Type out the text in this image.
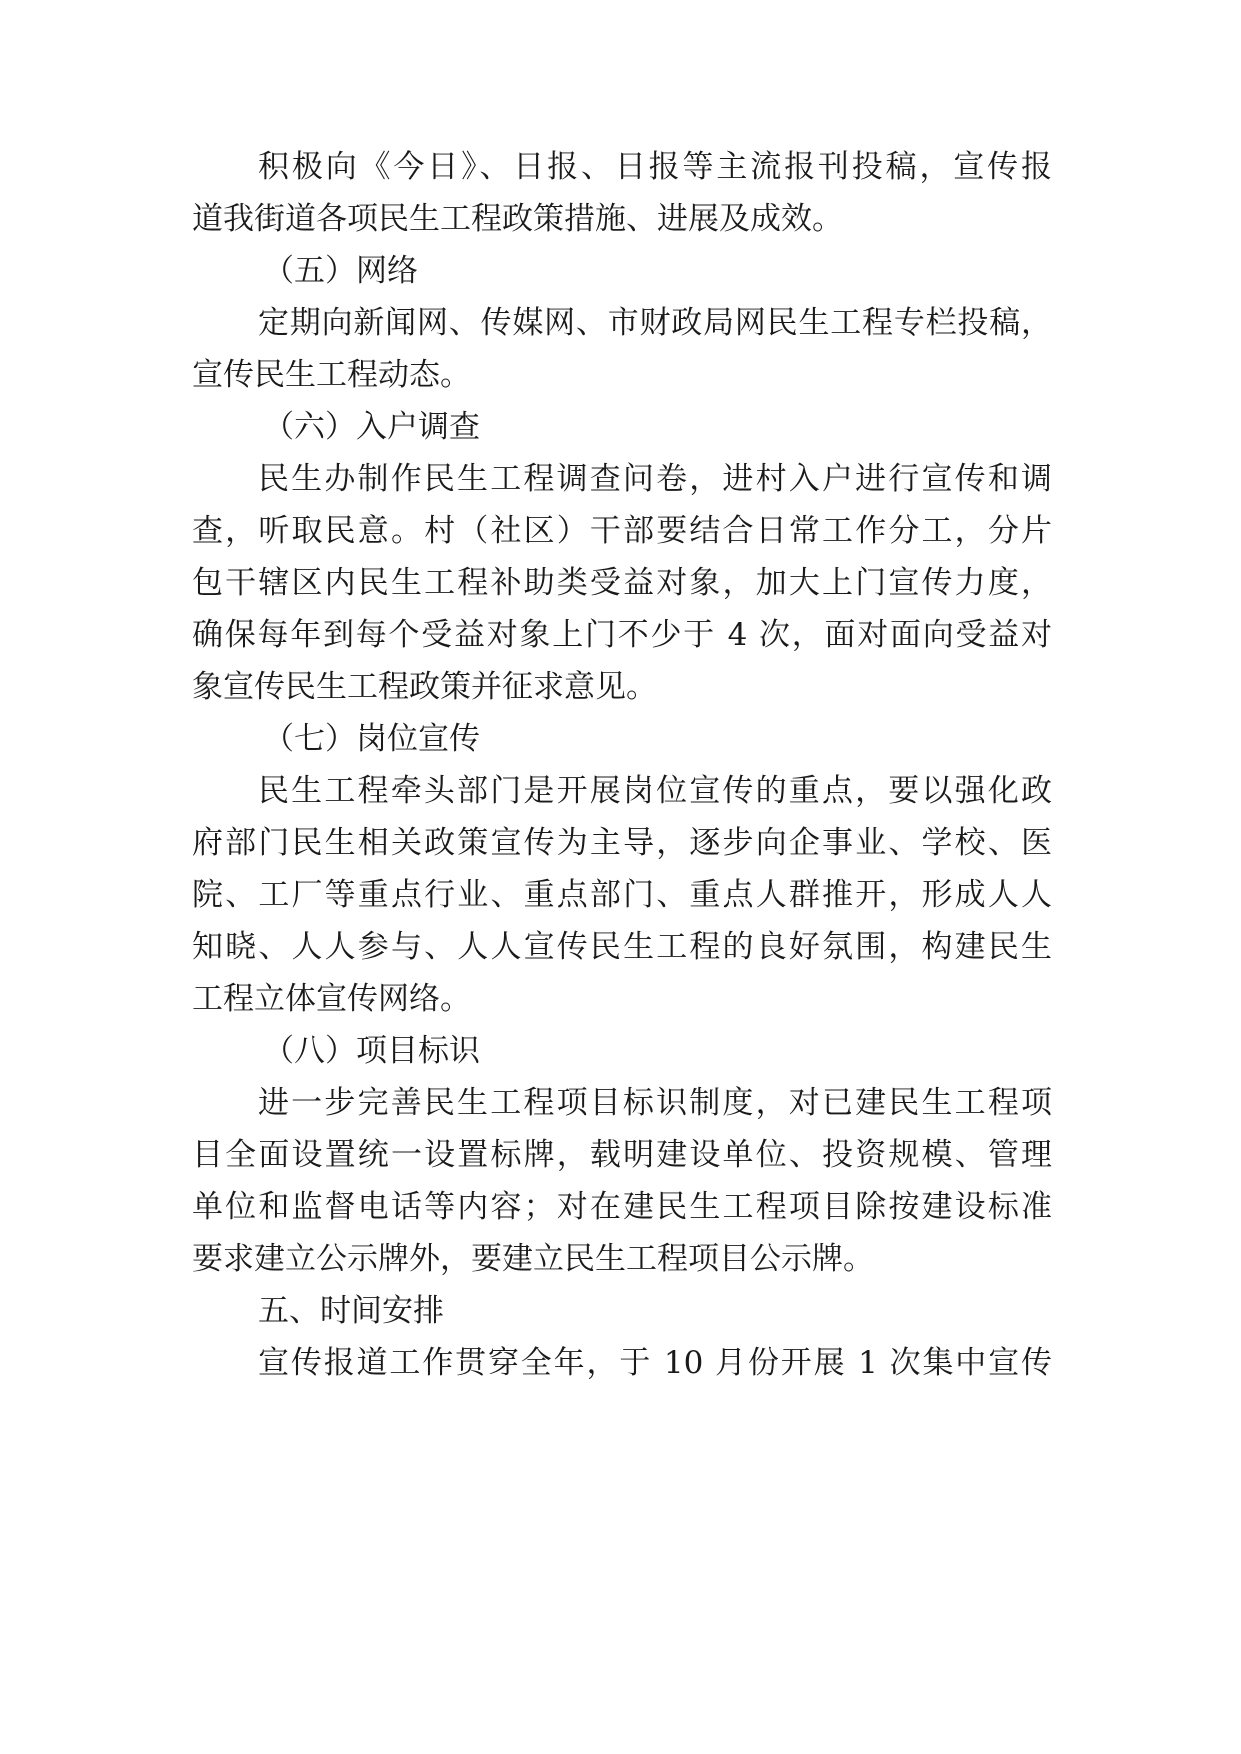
积极向《今日》、日报、日报等主流报刊投稿，宣传报
道我街道各项民生工程政策措施、进展及成效。
（五）网络
定期向新闻网、传媒网、市财政局网民生工程专栏投稿，
宣传民生工程动态。
（六）入户调查
民生办制作民生工程调查问卷，进村入户进行宣传和调
查，听取民意。村（社区）干部要结合日常工作分工，分片
包干辖区内民生工程补助类受益对象，加大上门宣传力度，
确保每年到每个受益对象上门不少于 4 次，面对面向受益对
象宣传民生工程政策并征求意见。
（七）岗位宣传
民生工程牵头部门是开展岗位宣传的重点，要以强化政
府部门民生相关政策宣传为主导，逐步向企事业、学校、医
院、工厂等重点行业、重点部门、重点人群推开，形成人人
知晓、人人参与、人人宣传民生工程的良好氛围，构建民生
工程立体宣传网络。
（八）项目标识
进一步完善民生工程项目标识制度，对已建民生工程项
目全面设置统一设置标牌，载明建设单位、投资规模、管理
单位和监督电话等内容；对在建民生工程项目除按建设标准
要求建立公示牌外，要建立民生工程项目公示牌。
五、时间安排
宣传报道工作贯穿全年，于 10 月份开展 1 次集中宣传
